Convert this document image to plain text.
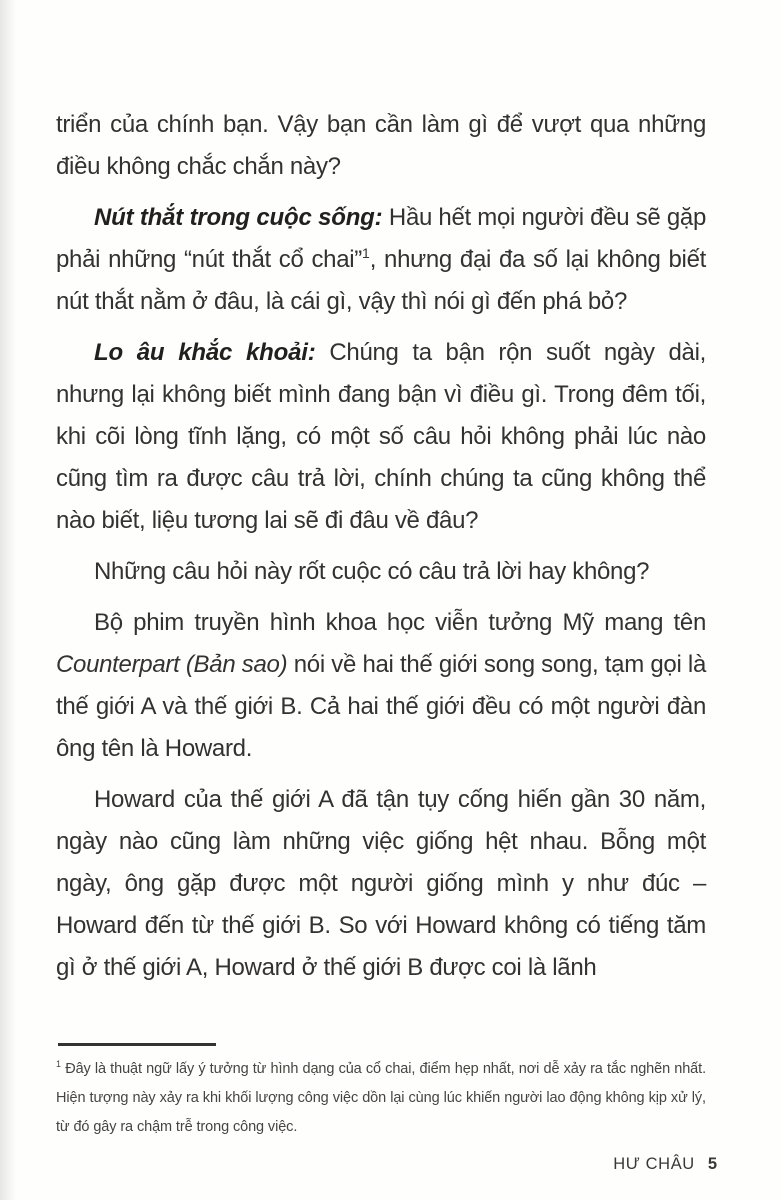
triển của chính bạn. Vậy bạn cần làm gì để vượt qua những điều không chắc chắn này?

Nút thắt trong cuộc sống: Hầu hết mọi người đều sẽ gặp phải những “nút thắt cổ chai”$^1$, nhưng đại đa số lại không biết nút thắt nằm ở đâu, là cái gì, vậy thì nói gì đến phá bỏ?

Lo âu khắc khoải: Chúng ta bận rộn suốt ngày dài, nhưng lại không biết mình đang bận vì điều gì. Trong đêm tối, khi cõi lòng tĩnh lặng, có một số câu hỏi không phải lúc nào cũng tìm ra được câu trả lời, chính chúng ta cũng không thể nào biết, liệu tương lai sẽ đi đâu về đâu?

Những câu hỏi này rốt cuộc có câu trả lời hay không?

Bộ phim truyền hình khoa học viễn tưởng Mỹ mang tên Counterpart (Bản sao) nói về hai thế giới song song, tạm gọi là thế giới A và thế giới B. Cả hai thế giới đều có một người đàn ông tên là Howard.

Howard của thế giới A đã tận tụy cống hiến gần 30 năm, ngày nào cũng làm những việc giống hệt nhau. Bỗng một ngày, ông gặp được một người giống mình y như đúc – Howard đến từ thế giới B. So với Howard không có tiếng tăm gì ở thế giới A, Howard ở thế giới B được coi là lãnh

$^1$ Đây là thuật ngữ lấy ý tưởng từ hình dạng của cổ chai, điểm hẹp nhất, nơi dễ xảy ra tắc nghẽn nhất. Hiện tượng này xảy ra khi khối lượng công việc dồn lại cùng lúc khiến người lao động không kịp xử lý, từ đó gây ra chậm trễ trong công việc.

HƯ CHÂU 5
